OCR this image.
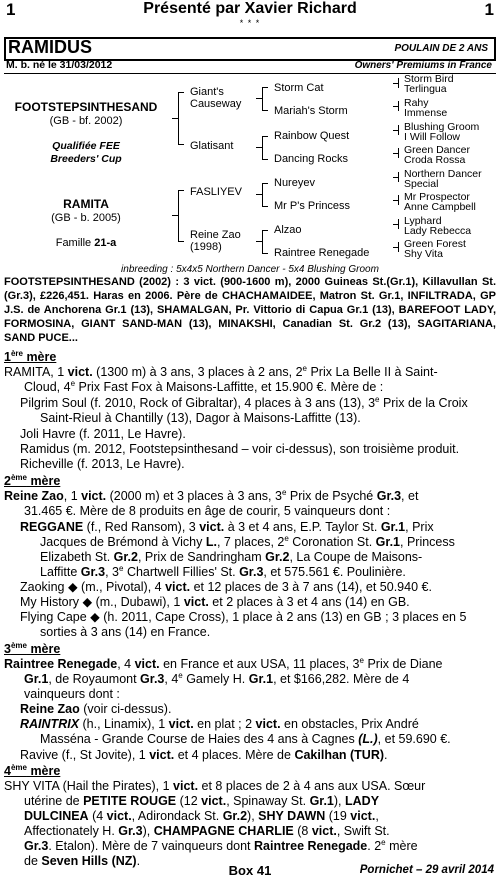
1	Présenté par Xavier Richard	1
* * *
RAMIDUS	POULAIN DE 2 ANS
M. b. né le 31/03/2012	Owners' Premiums in France
FOOTSTEPSINTHESAND
(GB - bf. 2002)
Qualifiée FEE
Breeders' Cup
RAMITA
(GB - b. 2005)
Famille 21-a
Giant's
Causeway
Glatisant
FASLIYEV
Reine Zao
(1998)
Storm Cat
Mariah's Storm
Rainbow Quest
Dancing Rocks
Nureyev
Mr P's Princess
Alzao
Raintree Renegade
Storm Bird
Terlingua
Rahy
Immense
Blushing Groom
I Will Follow
Green Dancer
Croda Rossa
Northern Dancer
Special
Mr Prospector
Anne Campbell
Lyphard
Lady Rebecca
Green Forest
Shy Vita
inbreeding : 5x4x5 Northern Dancer - 5x4 Blushing Groom
FOOTSTEPSINTHESAND (2002) : 3 vict. (900-1600 m), 2000 Guineas St.(Gr.1), Killavullan St. (Gr.3), £226,451. Haras en 2006. Père de CHACHAMAIDEE, Matron St. Gr.1, INFILTRADA, GP J.S. de Anchorena Gr.1 (13), SHAMALGAN, Pr. Vittorio di Capua Gr.1 (13), BAREFOOT LADY, FORMOSINA, GIANT SAND-MAN (13), MINAKSHI, Canadian St. Gr.2 (13), SAGITARIANA, SAND PUCE...
1ère mère
RAMITA, 1 vict. (1300 m) à 3 ans, 3 places à 2 ans, 2e Prix La Belle II à Saint-
Cloud, 4e Prix Fast Fox à Maisons-Laffitte, et 15.900 €. Mère de :
Pilgrim Soul (f. 2010, Rock of Gibraltar), 4 places à 3 ans (13), 3e Prix de la Croix
Saint-Rieul à Chantilly (13), Dagor à Maisons-Laffitte (13).
Joli Havre (f. 2011, Le Havre).
Ramidus (m. 2012, Footstepsinthesand – voir ci-dessus), son troisième produit.
Richeville (f. 2013, Le Havre).
2ème mère
Reine Zao, 1 vict. (2000 m) et 3 places à 3 ans, 3e Prix de Psyché Gr.3, et
31.465 €. Mère de 8 produits en âge de courir, 5 vainqueurs dont :
REGGANE (f., Red Ransom), 3 vict. à 3 et 4 ans, E.P. Taylor St. Gr.1, Prix
Jacques de Brémond à Vichy L., 7 places, 2e Coronation St. Gr.1, Princess
Elizabeth St. Gr.2, Prix de Sandringham Gr.2, La Coupe de Maisons-
Laffitte Gr.3, 3e Chartwell Fillies' St. Gr.3, et 575.561 €. Poulinière.
Zaoking ◆ (m., Pivotal), 4 vict. et 12 places de 3 à 7 ans (14), et 50.940 €.
My History ◆ (m., Dubawi), 1 vict. et 2 places à 3 et 4 ans (14) en GB.
Flying Cape ◆ (h. 2011, Cape Cross), 1 place à 2 ans (13) en GB ; 3 places en 5
sorties à 3 ans (14) en France.
3ème mère
Raintree Renegade, 4 vict. en France et aux USA, 11 places, 3e Prix de Diane
Gr.1, de Royaumont Gr.3, 4e Gamely H. Gr.1, et $166,282. Mère de 4
vainqueurs dont :
Reine Zao (voir ci-dessus).
RAINTRIX (h., Linamix), 1 vict. en plat ; 2 vict. en obstacles, Prix André
Masséna - Grande Course de Haies des 4 ans à Cagnes (L.), et 59.690 €.
Ravive (f., St Jovite), 1 vict. et 4 places. Mère de Cakilhan (TUR).
4ème mère
SHY VITA (Hail the Pirates), 1 vict. et 8 places de 2 à 4 ans aux USA. Sœur
utérine de PETITE ROUGE (12 vict., Spinaway St. Gr.1), LADY
DULCINEA (4 vict., Adirondack St. Gr.2), SHY DAWN (19 vict.,
Affectionately H. Gr.3), CHAMPAGNE CHARLIE (8 vict., Swift St.
Gr.3. Etalon). Mère de 7 vainqueurs dont Raintree Renegade. 2e mère
de Seven Hills (NZ).
Box 41	Pornichet – 29 avril 2014
